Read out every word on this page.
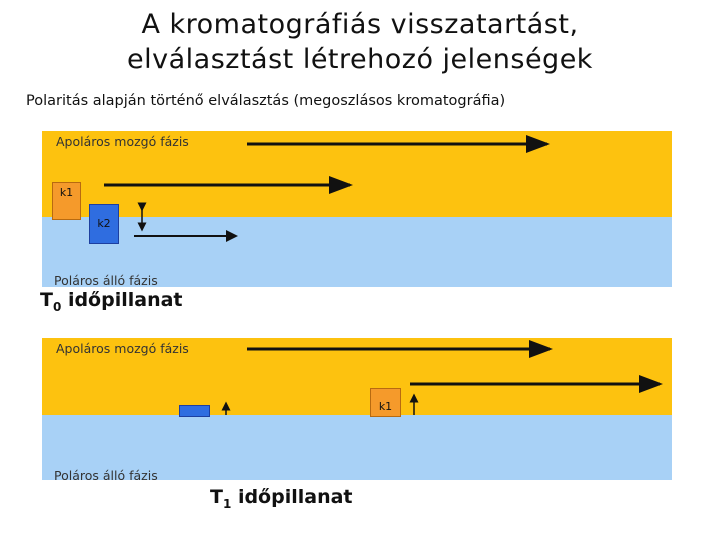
A kromatográfiás visszatartást,
elválasztást létrehozó jelenségek
Polaritás alapján történő elválasztás (megoszlásos kromatográfia)
Apoláros mozgó fázis
Poláros álló fázis
k1
k2
$T_0$ időpillanat
Apoláros mozgó fázis
Poláros álló fázis
k1
$T_1$ időpillanat
